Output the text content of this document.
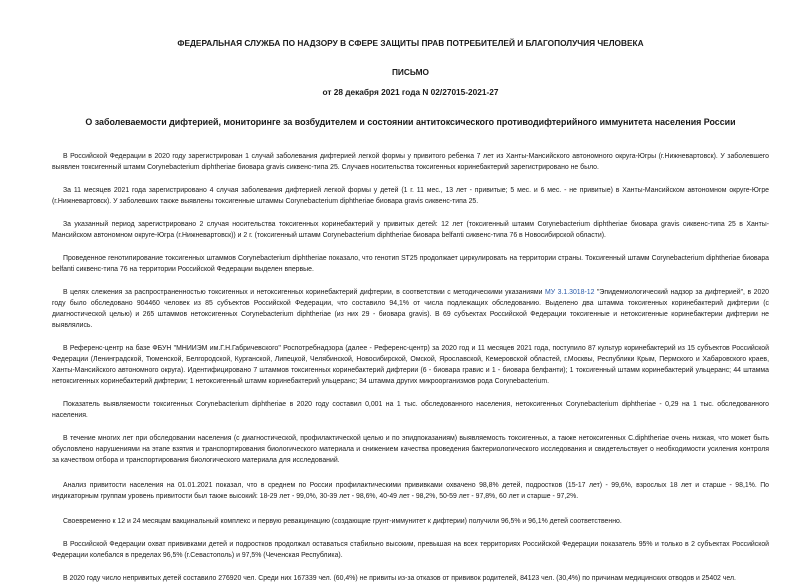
ФЕДЕРАЛЬНАЯ СЛУЖБА ПО НАДЗОРУ В СФЕРЕ ЗАЩИТЫ ПРАВ ПОТРЕБИТЕЛЕЙ И БЛАГОПОЛУЧИЯ ЧЕЛОВЕКА
ПИСЬМО
от 28 декабря 2021 года N 02/27015-2021-27
О заболеваемости дифтерией, мониторинге за возбудителем и состоянии антитоксического противодифтерийного иммунитета населения России

В Российской Федерации в 2020 году зарегистрирован 1 случай заболевания дифтерией легкой формы у привитого ребенка 7 лет из Ханты-Мансийского автономного округа-Югры (г.Нижневартовск). У заболевшего выявлен токсигенный штамм Corynebacterium diphtheriae биовара gravis сиквенс-типа 25. Случаев носительства токсигенных коринебактерий зарегистрировано не было.

За 11 месяцев 2021 года зарегистрировано 4 случая заболевания дифтерией легкой формы у детей (1 г. 11 мес., 13 лет - привитые; 5 мес. и 6 мес. - не привитые) в Ханты-Мансийском автономном округе-Югре (г.Нижневартовск). У заболевших также выявлены токсигенные штаммы Corynebacterium diphtheriae биовара gravis сиквенс-типа 25.

За указанный период зарегистрировано 2 случая носительства токсигенных коринебактерий у привитых детей: 12 лет (токсигенный штамм Corynebacterium diphtheriae биовара gravis сиквенс-типа 25 в Ханты-Мансийском автономном округе-Югра (г.Нижневартовск)) и 2 г. (токсигенный штамм Corynebacterium diphtheriae биовара belfanti сиквенс-типа 76 в Новосибирской области).

Проведенное генотипирование токсигенных штаммов Corynebacterium diphtheriae показало, что генотип ST25 продолжает циркулировать на территории страны. Токсигенный штамм Corynebacterium diphtheriae биовара belfanti сиквенс-типа 76 на территории Российской Федерации выделен впервые.

В целях слежения за распространенностью токсигенных и нетоксигенных коринебактерий дифтерии, в соответствии с методическими указаниями МУ 3.1.3018-12 "Эпидемиологический надзор за дифтерией", в 2020 году было обследовано 904460 человек из 85 субъектов Российской Федерации, что составило 94,1% от числа подлежащих обследованию. Выделено два штамма токсигенных коринебактерий дифтерии (с диагностической целью) и 265 штаммов нетоксигенных Corynebacterium diphtheriae (из них 29 - биовара gravis). В 69 субъектах Российской Федерации токсигенные и нетоксигенные коринебактерии дифтерии не выявлялись.

В Референс-центр на базе ФБУН "МНИИЭМ им.Г.Н.Габричевского" Роспотребнадзора (далее - Референс-центр) за 2020 год и 11 месяцев 2021 года, поступило 87 культур коринебактерий из 15 субъектов Российской Федерации (Ленинградской, Тюменской, Белгородской, Курганской, Липецкой, Челябинской, Новосибирской, Омской, Ярославской, Кемеровской областей, г.Москвы, Республики Крым, Пермского и Хабаровского краев, Ханты-Мансийского автономного округа). Идентифицировано 7 штаммов токсигенных коринебактерий дифтерии (6 - биовара гравис и 1 - биовара белфанти); 1 токсигенный штамм коринебактерий ульцеранс; 44 штамма нетоксигенных коринебактерий дифтерии; 1 нетоксигенный штамм коринебактерий ульцеранс; 34 штамма других микроорганизмов рода Corynebacterium.

Показатель выявляемости токсигенных Corynebacterium diphtheriae в 2020 году составил 0,001 на 1 тыс. обследованного населения, нетоксигенных Corynebacterium diphtheriae - 0,29 на 1 тыс. обследованного населения.

В течение многих лет при обследовании населения (с диагностической, профилактической целью и по эпидпоказаниям) выявляемость токсигенных, а также нетоксигенных C.diphtheriae очень низкая, что может быть обусловлено нарушениями на этапе взятия и транспортирования биологического материала и снижением качества проведения бактериологического исследования и свидетельствует о необходимости усиления контроля за качеством отбора и транспортирования биологического материала для исследований.

Анализ привитости населения на 01.01.2021 показал, что в среднем по России профилактическими прививками охвачено 98,8% детей, подростков (15-17 лет) - 99,6%, взрослых 18 лет и старше - 98,1%. По индикаторным группам уровень привитости был также высокий: 18-29 лет - 99,0%, 30-39 лет - 98,6%, 40-49 лет - 98,2%, 50-59 лет - 97,8%, 60 лет и старше - 97,2%.

Своевременно к 12 и 24 месяцам вакцинальный комплекс и первую ревакцинацию (создающие грунт-иммунитет к дифтерии) получили 96,5% и 96,1% детей соответственно.

В Российской Федерации охват прививками детей и подростков продолжал оставаться стабильно высоким, превышая на всех территориях Российской Федерации показатель 95% и только в 2 субъектах Российской Федерации колебался в пределах 96,5% (г.Севастополь) и 97,5% (Чеченская Республика).

В 2020 году число непривитых детей составило 276920 чел. Среди них 167339 чел. (60,4%) не привиты из-за отказов от прививок родителей, 84123 чел. (30,4%) по причинам медицинских отводов и 25402 чел.
